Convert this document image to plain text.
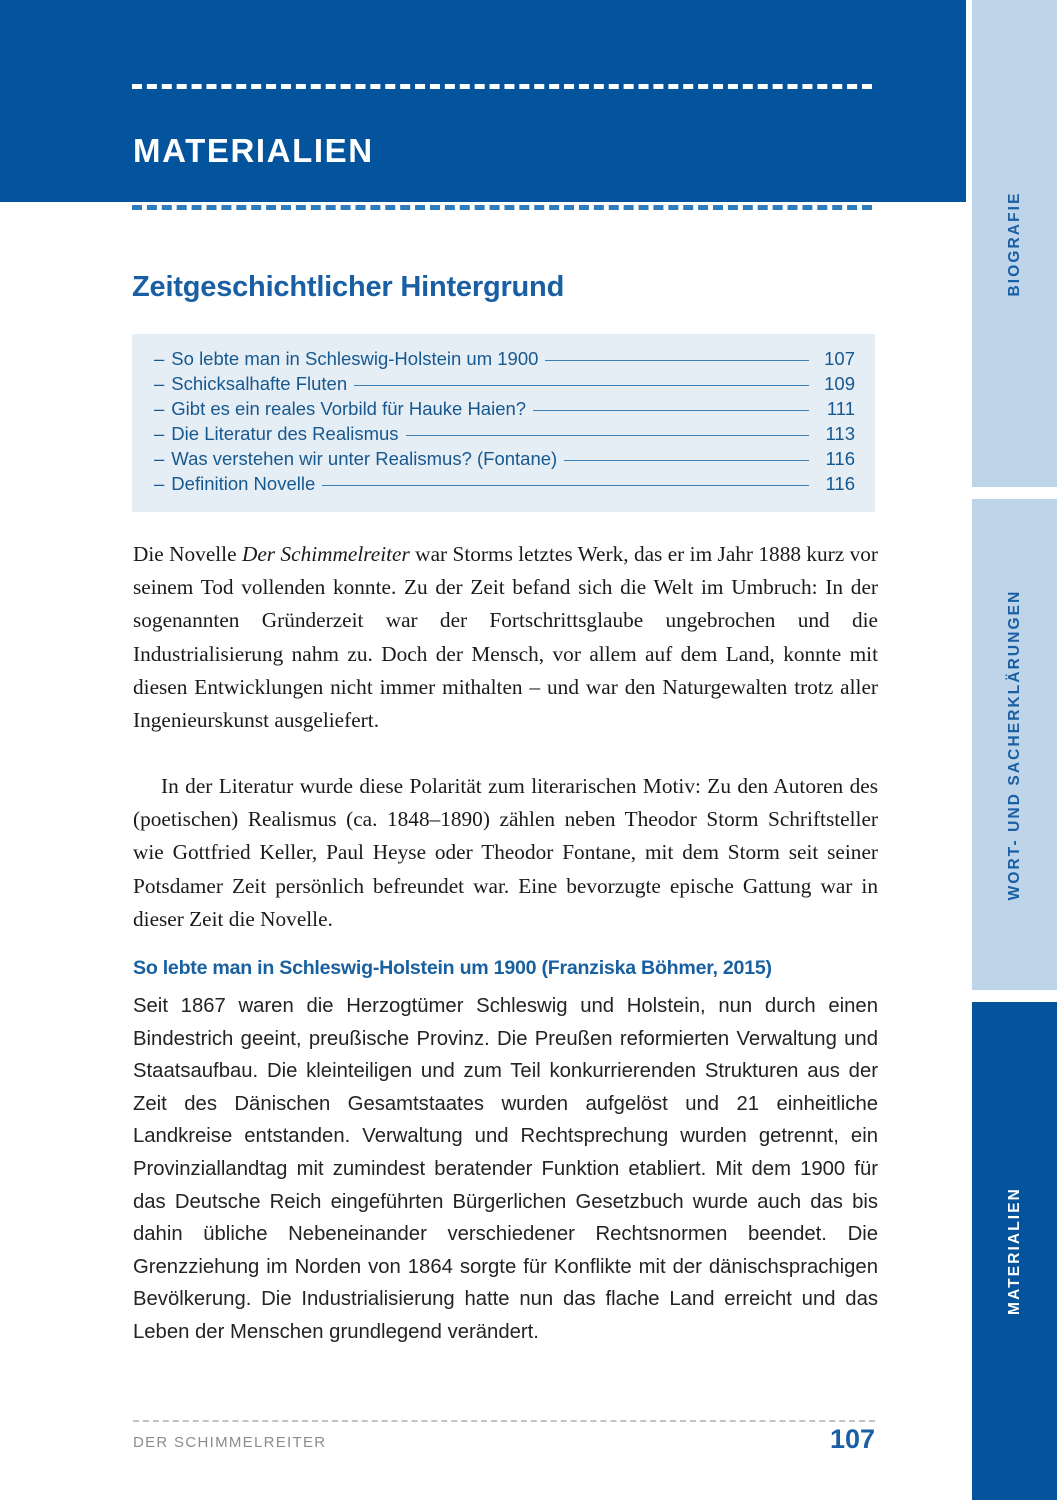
MATERIALIEN
Zeitgeschichtlicher Hintergrund
– So lebte man in Schleswig-Holstein um 1900	107
– Schicksalhafte Fluten	109
– Gibt es ein reales Vorbild für Hauke Haien?	111
– Die Literatur des Realismus	113
– Was verstehen wir unter Realismus? (Fontane)	116
– Definition Novelle	116

Die Novelle Der Schimmelreiter war Storms letztes Werk, das er im Jahr 1888 kurz vor seinem Tod vollenden konnte. Zu der Zeit befand sich die Welt im Umbruch: In der sogenannten Gründerzeit war der Fortschrittsglaube ungebrochen und die Industrialisierung nahm zu. Doch der Mensch, vor allem auf dem Land, konnte mit diesen Entwicklungen nicht immer mithalten – und war den Naturgewalten trotz aller Ingenieurskunst ausgeliefert.

In der Literatur wurde diese Polarität zum literarischen Motiv: Zu den Autoren des (poetischen) Realismus (ca. 1848–1890) zählen neben Theodor Storm Schriftsteller wie Gottfried Keller, Paul Heyse oder Theodor Fontane, mit dem Storm seit seiner Potsdamer Zeit persönlich befreundet war. Eine bevorzugte epische Gattung war in dieser Zeit die Novelle.

So lebte man in Schleswig-Holstein um 1900 (Franziska Böhmer, 2015)

Seit 1867 waren die Herzogtümer Schleswig und Holstein, nun durch einen Bindestrich geeint, preußische Provinz. Die Preußen reformierten Verwaltung und Staatsaufbau. Die kleinteiligen und zum Teil konkurrierenden Strukturen aus der Zeit des Dänischen Gesamtstaates wurden aufgelöst und 21 einheitliche Landkreise entstanden. Verwaltung und Rechtsprechung wurden getrennt, ein Provinziallandtag mit zumindest beratender Funktion etabliert. Mit dem 1900 für das Deutsche Reich eingeführten Bürgerlichen Gesetzbuch wurde auch das bis dahin übliche Nebeneinander verschiedener Rechtsnormen beendet. Die Grenzziehung im Norden von 1864 sorgte für Konflikte mit der dänischsprachigen Bevölkerung. Die Industrialisierung hatte nun das flache Land erreicht und das Leben der Menschen grundlegend verändert.

DER SCHIMMELREITER	107
BIOGRAFIE
WORT- UND SACHERKLÄRUNGEN
MATERIALIEN
